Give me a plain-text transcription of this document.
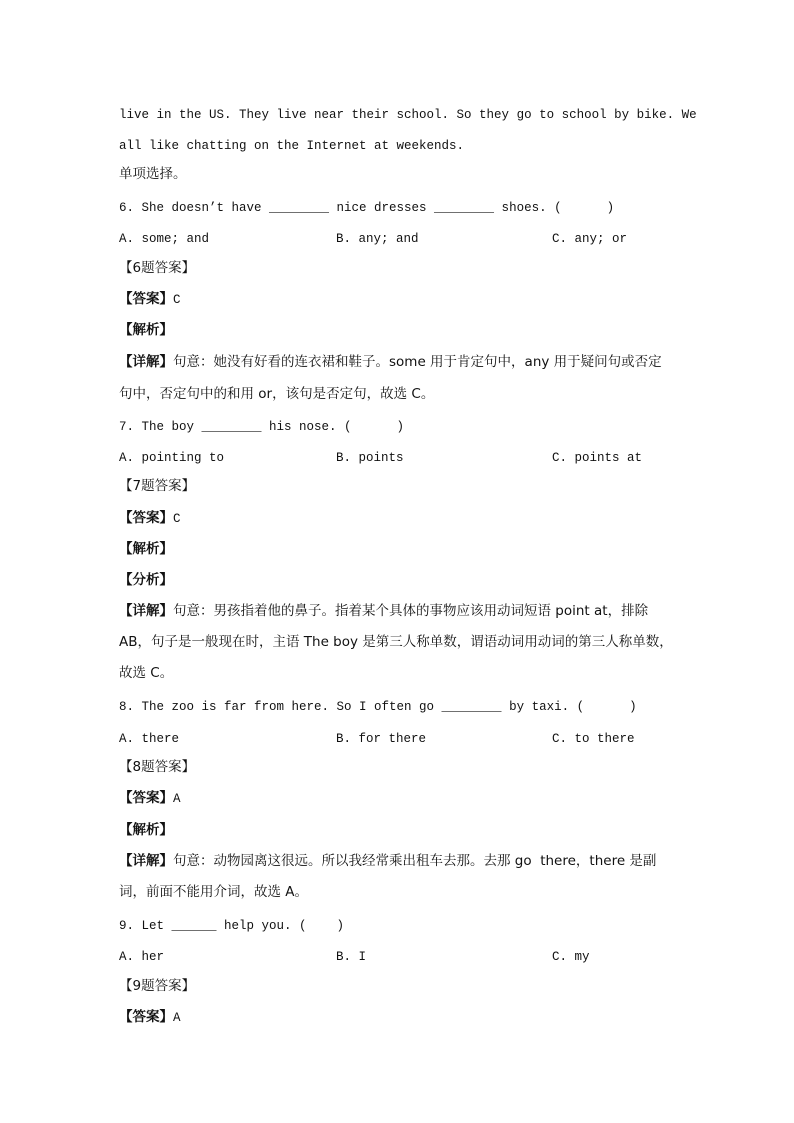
live in the US. They live near their school. So they go to school by bike. We
all like chatting on the Internet at weekends.
单项选择。
6. She doesn’t have ________ nice dresses ________ shoes. (      )
A. some; and	B. any; and	C. any; or
【6题答案】
【答案】C
【解析】
【详解】句意：她没有好看的连衣裙和鞋子。some 用于肯定句中，any 用于疑问句或否定
句中，否定句中的和用 or，该句是否定句，故选 C。
7. The boy ________ his nose. (      )
A. pointing to	B. points	C. points at
【7题答案】
【答案】C
【解析】
【分析】
【详解】句意：男孩指着他的鼻子。指着某个具体的事物应该用动词短语 point at，排除
AB，句子是一般现在时，主语 The boy 是第三人称单数，谓语动词用动词的第三人称单数，
故选 C。
8. The zoo is far from here. So I often go ________ by taxi. (      )
A. there	B. for there	C. to there
【8题答案】
【答案】A
【解析】
【详解】句意：动物园离这很远。所以我经常乘出租车去那。去那 go  there，there 是副
词，前面不能用介词，故选 A。
9. Let ______ help you. (    )
A. her	B. I	C. my
【9题答案】
【答案】A
